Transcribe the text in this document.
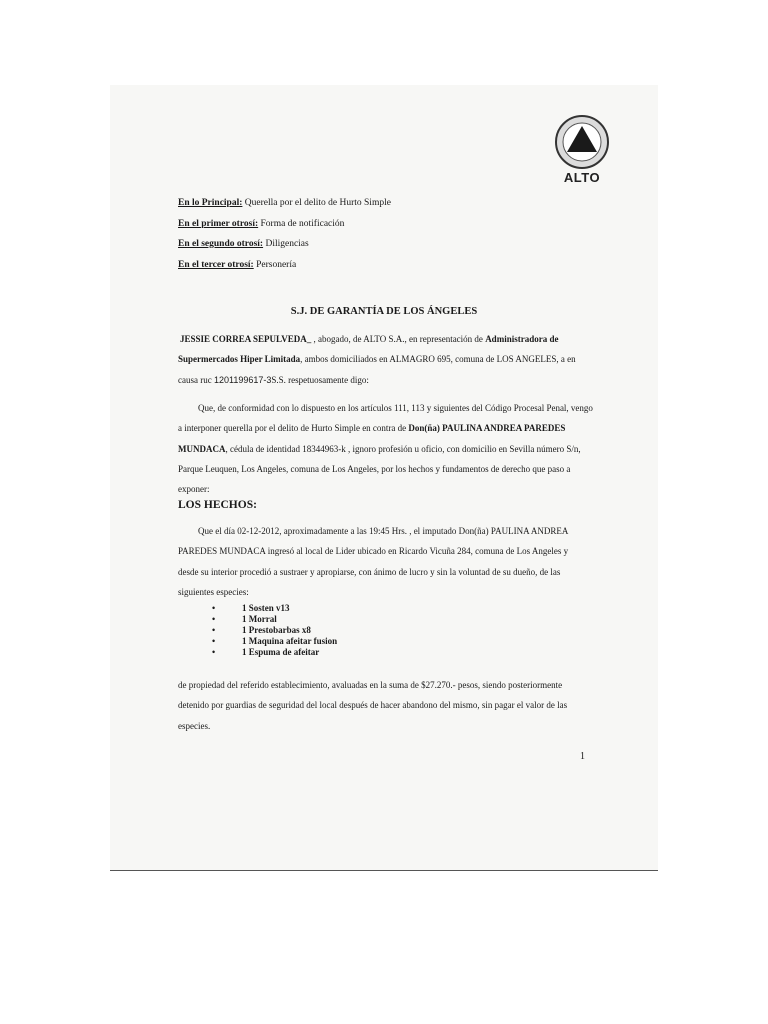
ALTO
En lo Principal: Querella por el delito de Hurto Simple
En el primer otrosí: Forma de notificación
En el segundo otrosí: Diligencias
En el tercer otrosí: Personería
S.J. DE GARANTÍA DE LOS ÁNGELES
JESSIE CORREA SEPULVEDA_ , abogado, de ALTO S.A., en representación de Administradora de
Supermercados Hiper Limitada, ambos domiciliados en ALMAGRO 695, comuna de LOS ANGELES, a en
causa ruc 1201199617-3S.S. respetuosamente digo:
Que, de conformidad con lo dispuesto en los artículos 111, 113 y siguientes del Código Procesal Penal, vengo
a interponer querella por el delito de Hurto Simple en contra de Don(ña) PAULINA ANDREA PAREDES
MUNDACA, cédula de identidad 18344963-k , ignoro profesión u oficio, con domicilio en Sevilla número S/n,
Parque Leuquen, Los Angeles, comuna de Los Angeles, por los hechos y fundamentos de derecho que paso a
exponer:
LOS HECHOS:
Que el día 02-12-2012, aproximadamente a las 19:45 Hrs. , el imputado Don(ña) PAULINA ANDREA
PAREDES MUNDACA ingresó al local de Lider ubicado en Ricardo Vicuña 284, comuna de Los Angeles y
desde su interior procedió a sustraer y apropiarse, con ánimo de lucro y sin la voluntad de su dueño, de las
siguientes especies:
•	1 Sosten v13
•	1 Morral
•	1 Prestobarbas x8
•	1 Maquina afeitar fusion
•	1 Espuma de afeitar
de propiedad del referido establecimiento, avaluadas en la suma de $27.270.- pesos, siendo posteriormente
detenido por guardias de seguridad del local después de hacer abandono del mismo, sin pagar el valor de las
especies.
1
